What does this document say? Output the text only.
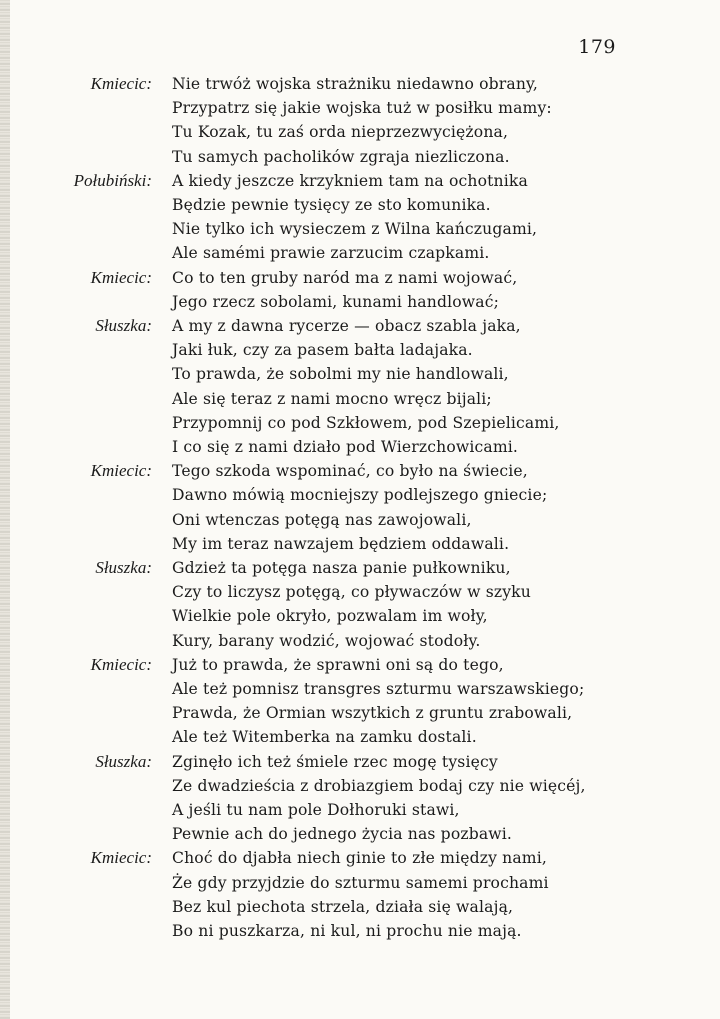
179
Kmiecic: Nie trwóż wojska strażniku niedawno obrany,
Przypatrz się jakie wojska tuż w posiłku mamy:
Tu Kozak, tu zaś orda nieprzezwyciężona,
Tu samych pacholików zgraja niezliczona.
Połubiński: A kiedy jeszcze krzykniem tam na ochotnika
Będzie pewnie tysięcy ze sto komunika.
Nie tylko ich wysieczem z Wilna kańczugami,
Ale samémi prawie zarzucim czapkami.
Kmiecic: Co to ten gruby naród ma z nami wojować,
Jego rzecz sobolami, kunami handlować;
Słuszka: A my z dawna rycerze — obacz szabla jaka,
Jaki łuk, czy za pasem bałta ladajaka.
To prawda, że sobolmi my nie handlowali,
Ale się teraz z nami mocno wręcz bijali;
Przypomnij co pod Szkłowem, pod Szepielicami,
I co się z nami działo pod Wierzchowicami.
Kmiecic: Tego szkoda wspominać, co było na świecie,
Dawno mówią mocniejszy podlejszego gniecie;
Oni wtenczas potęgą nas zawojowali,
My im teraz nawzajem będziem oddawali.
Słuszka: Gdzież ta potęga nasza panie pułkowniku,
Czy to liczysz potęgą, co pływaczów w szyku
Wielkie pole okryło, pozwalam im woły,
Kury, barany wodzić, wojować stodoły.
Kmiecic: Już to prawda, że sprawni oni są do tego,
Ale też pomnisz transgres szturmu warszawskiego;
Prawda, że Ormian wszytkich z gruntu zrabowali,
Ale też Witemberka na zamku dostali.
Słuszka: Zginęło ich też śmiele rzec mogę tysięcy
Ze dwadzieścia z drobiazgiem bodaj czy nie więcéj,
A jeśli tu nam pole Dołhoruki stawi,
Pewnie ach do jednego życia nas pozbawi.
Kmiecic: Choć do djabła niech ginie to złe między nami,
Że gdy przyjdzie do szturmu samemi prochami
Bez kul piechota strzela, działa się walają,
Bo ni puszkarza, ni kul, ni prochu nie mają.
